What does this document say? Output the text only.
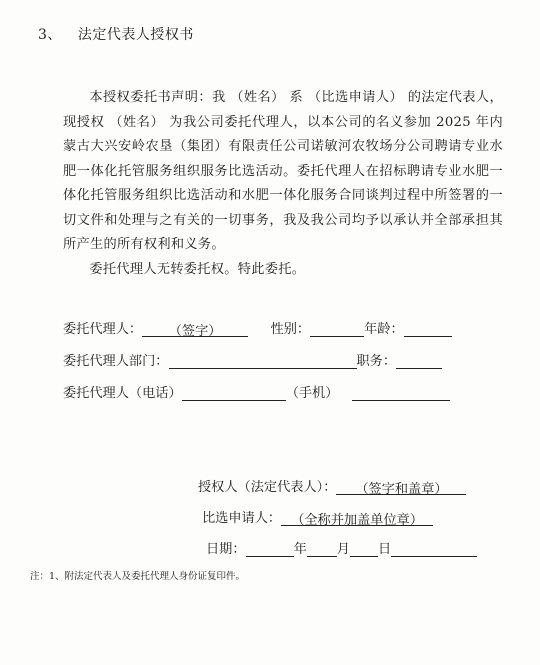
3、 法定代表人授权书

本授权委托书声明：我 （姓名） 系 （比选申请人） 的法定代表人，现授权 （姓名） 为我公司委托代理人，以本公司的名义参加 2025 年内蒙古大兴安岭农垦（集团）有限责任公司诺敏河农牧场分公司聘请专业水肥一体化托管服务组织服务比选活动。委托代理人在招标聘请专业水肥一体化托管服务组织比选活动和水肥一体化服务合同谈判过程中所签署的一切文件和处理与之有关的一切事务，我及我公司均予以承认并全部承担其所产生的所有权利和义务。

委托代理人无转委托权。特此委托。

委托代理人： （签字）	性别：	年龄：
委托代理人部门：	职务：
委托代理人（电话）	（手机）
授权人（法定代表人）： （签字和盖章）
比选申请人： （全称并加盖单位章）
日期：	年 月 日
注：1、附法定代表人及委托代理人身份证复印件。
